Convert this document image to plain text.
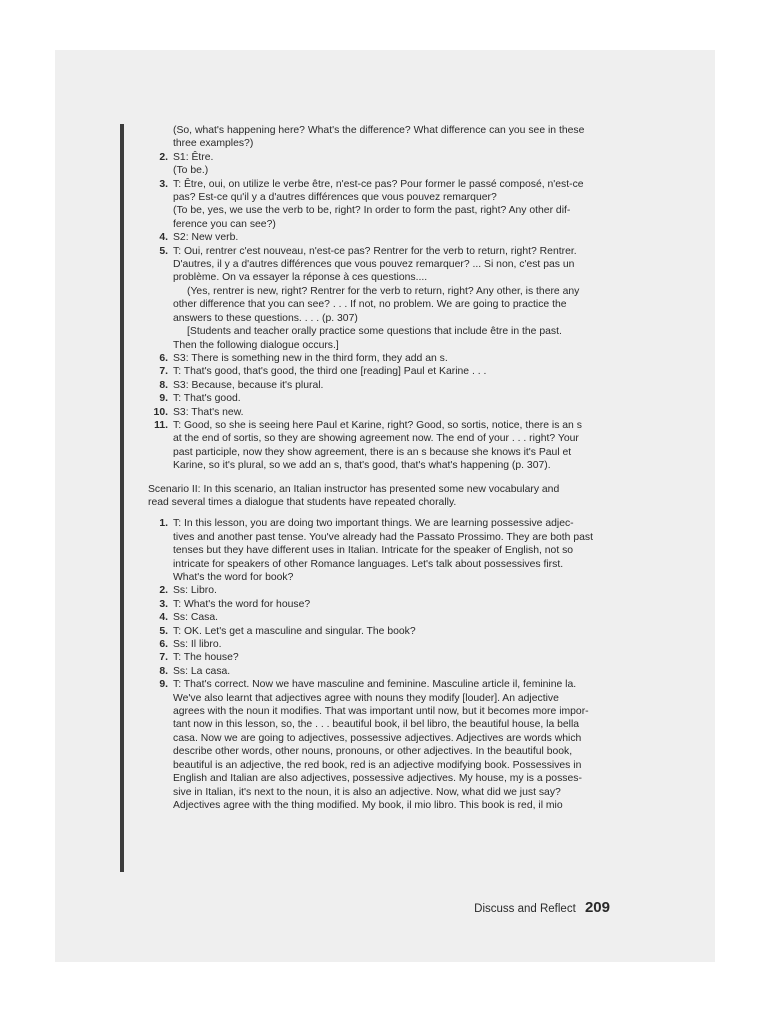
(So, what's happening here? What's the difference? What difference can you see in these
three examples?)
2. S1: Être.
(To be.)
3. T: Être, oui, on utilize le verbe être, n'est-ce pas? Pour former le passé composé, n'est-ce
pas? Est-ce qu'il y a d'autres différences que vous pouvez remarquer?
(To be, yes, we use the verb to be, right? In order to form the past, right? Any other dif-
ference you can see?)
4. S2: New verb.
5. T: Oui, rentrer c'est nouveau, n'est-ce pas? Rentrer for the verb to return, right? Rentrer.
D'autres, il y a d'autres différences que vous pouvez remarquer? ... Si non, c'est pas un
problème. On va essayer la réponse à ces questions....
(Yes, rentrer is new, right? Rentrer for the verb to return, right? Any other, is there any
other difference that you can see? . . . If not, no problem. We are going to practice the
answers to these questions. . . . (p. 307)
[Students and teacher orally practice some questions that include être in the past.
Then the following dialogue occurs.]
6. S3: There is something new in the third form, they add an s.
7. T: That's good, that's good, the third one [reading] Paul et Karine . . .
8. S3: Because, because it's plural.
9. T: That's good.
10. S3: That's new.
11. T: Good, so she is seeing here Paul et Karine, right? Good, so sortis, notice, there is an s
at the end of sortis, so they are showing agreement now. The end of your . . . right? Your
past participle, now they show agreement, there is an s because she knows it's Paul et
Karine, so it's plural, so we add an s, that's good, that's what's happening (p. 307).
Scenario II: In this scenario, an Italian instructor has presented some new vocabulary and
read several times a dialogue that students have repeated chorally.
1. T: In this lesson, you are doing two important things. We are learning possessive adjec-
tives and another past tense. You've already had the Passato Prossimo. They are both past
tenses but they have different uses in Italian. Intricate for the speaker of English, not so
intricate for speakers of other Romance languages. Let's talk about possessives first.
What's the word for book?
2. Ss: Libro.
3. T: What's the word for house?
4. Ss: Casa.
5. T: OK. Let's get a masculine and singular. The book?
6. Ss: Il libro.
7. T: The house?
8. Ss: La casa.
9. T: That's correct. Now we have masculine and feminine. Masculine article il, feminine la.
We've also learnt that adjectives agree with nouns they modify [louder]. An adjective
agrees with the noun it modifies. That was important until now, but it becomes more impor-
tant now in this lesson, so, the . . . beautiful book, il bel libro, the beautiful house, la bella
casa. Now we are going to adjectives, possessive adjectives. Adjectives are words which
describe other words, other nouns, pronouns, or other adjectives. In the beautiful book,
beautiful is an adjective, the red book, red is an adjective modifying book. Possessives in
English and Italian are also adjectives, possessive adjectives. My house, my is a posses-
sive in Italian, it's next to the noun, it is also an adjective. Now, what did we just say?
Adjectives agree with the thing modified. My book, il mio libro. This book is red, il mio
Discuss and Reflect 209
